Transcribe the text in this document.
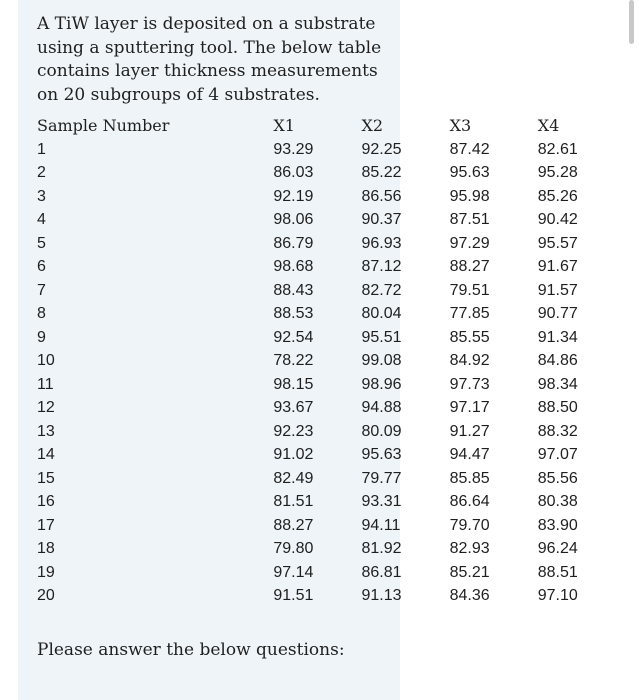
A TiW layer is deposited on a substrate using a sputtering tool. The below table contains layer thickness measurements on 20 subgroups of 4 substrates.

Sample Number	X1	X2	X3	X4
1	93.29	92.25	87.42	82.61
2	86.03	85.22	95.63	95.28
3	92.19	86.56	95.98	85.26
4	98.06	90.37	87.51	90.42
5	86.79	96.93	97.29	95.57
6	98.68	87.12	88.27	91.67
7	88.43	82.72	79.51	91.57
8	88.53	80.04	77.85	90.77
9	92.54	95.51	85.55	91.34
10	78.22	99.08	84.92	84.86
11	98.15	98.96	97.73	98.34
12	93.67	94.88	97.17	88.50
13	92.23	80.09	91.27	88.32
14	91.02	95.63	94.47	97.07
15	82.49	79.77	85.85	85.56
16	81.51	93.31	86.64	80.38
17	88.27	94.11	79.70	83.90
18	79.80	81.92	82.93	96.24
19	97.14	86.81	85.21	88.51
20	91.51	91.13	84.36	97.10

Please answer the below questions:
